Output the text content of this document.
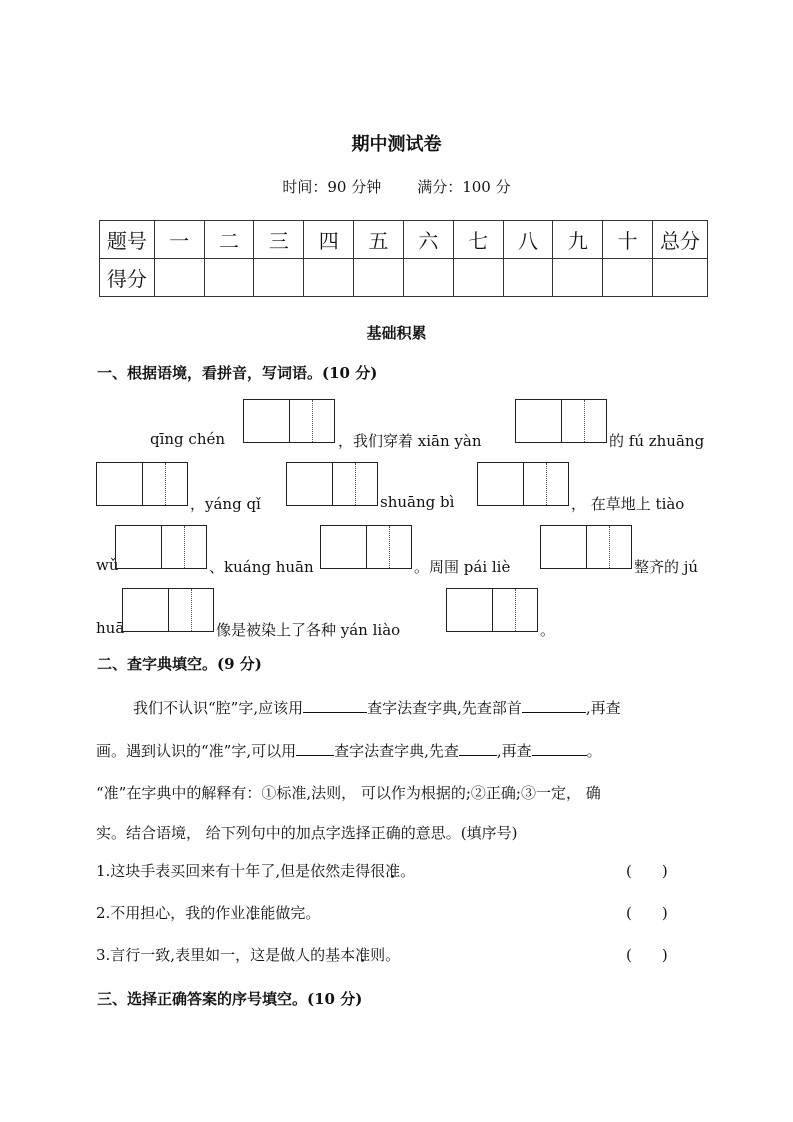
期中测试卷
时间：90 分钟 满分：100 分
题号	一	二	三	四	五	六	七	八	九	十	总分
得分											
基础积累
一、根据语境，看拼音，写词语。(10 分)
qīng chén	，我们穿着 xiān yàn	的 fú zhuāng
，yáng qǐ	shuāng bì	， 在草地上 tiào
wǔ	、kuáng huān	。周围 pái liè	整齐的 jú
huā	像是被染上了各种 yán liào	。
二、查字典填空。(9 分)
我们不认识“腔”字,应该用	查字法查字典,先查部首	,再查
画。遇到认识的“准”字,可以用	查字法查字典,先查	,再查	。
“准”在字典中的解释有：①标准,法则， 可以作为根据的;②正确;③一定， 确
实。结合语境， 给下列句中的加点字选择正确的意思。(填序号)
1.这块手表买回来有十年了,但是依然走得很准。	(　　)
2.不用担心，我的作业准能做完。	(　　)
3.言行一致,表里如一，这是做人的基本准则。	(　　)
三、选择正确答案的序号填空。(10 分)
